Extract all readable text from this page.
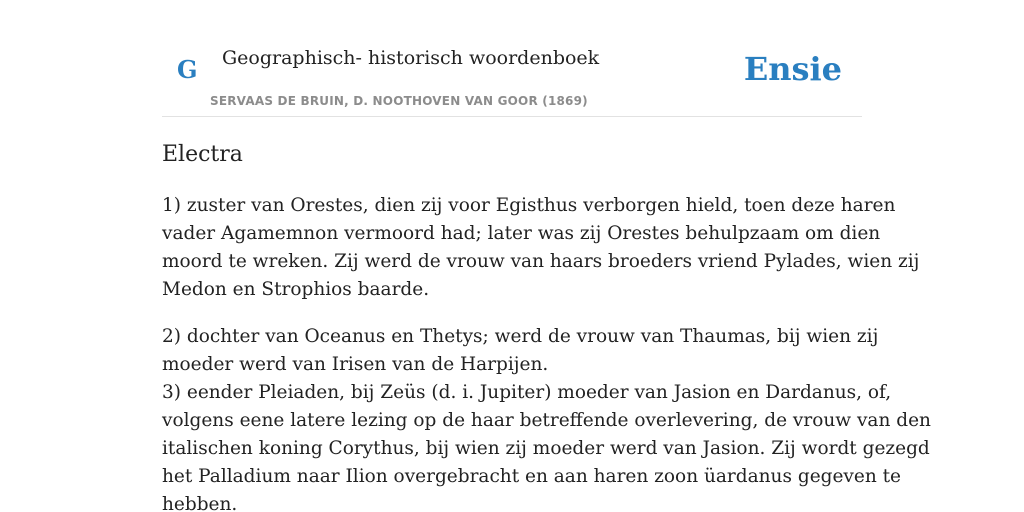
G Geographisch- historisch woordenboek
SERVAAS DE BRUIN, D. NOOTHOVEN VAN GOOR (1869)
Ensie
Electra

1) zuster van Orestes, dien zij voor Egisthus verborgen hield, toen deze haren
vader Agamemnon vermoord had; later was zij Orestes behulpzaam om dien
moord te wreken. Zij werd de vrouw van haars broeders vriend Pylades, wien zij
Medon en Strophios baarde.

2) dochter van Oceanus en Thetys; werd de vrouw van Thaumas, bij wien zij
moeder werd van Irisen van de Harpijen.
3) eender Pleiaden, bij Zeüs (d. i. Jupiter) moeder van Jasion en Dardanus, of,
volgens eene latere lezing op de haar betreffende overlevering, de vrouw van den
italischen koning Corythus, bij wien zij moeder werd van Jasion. Zij wordt gezegd
het Palladium naar Ilion overgebracht en aan haren zoon üardanus gegeven te
hebben.
